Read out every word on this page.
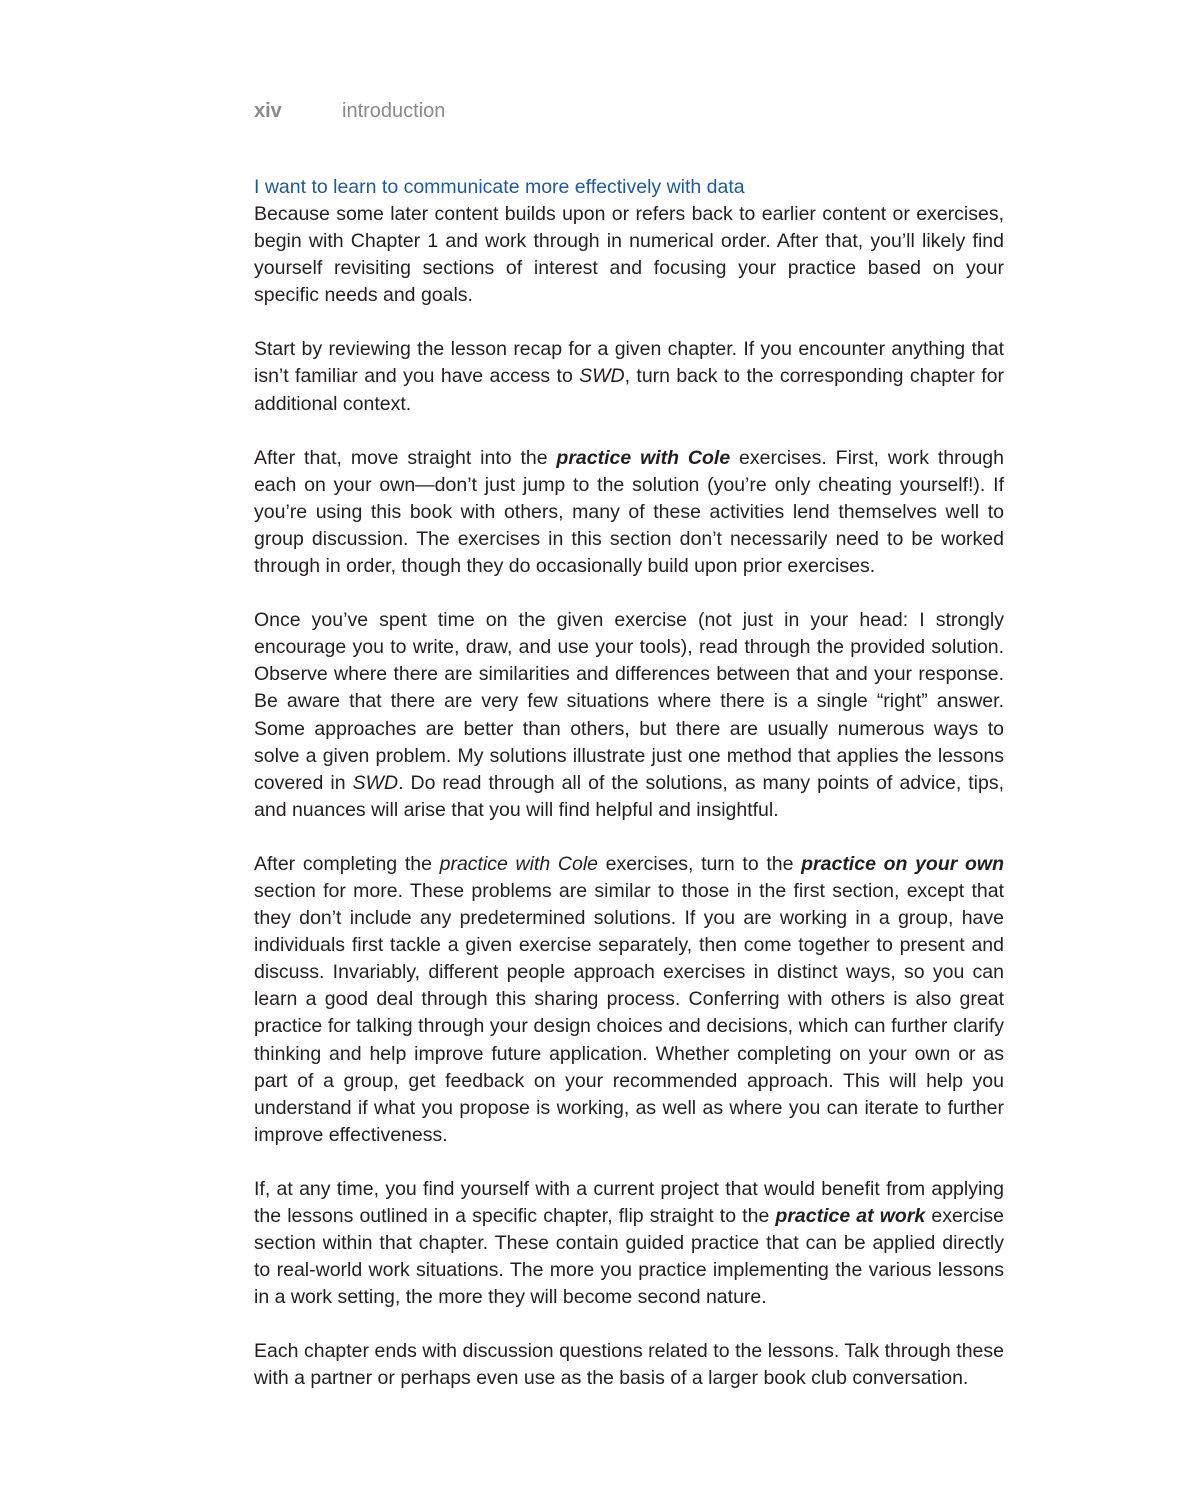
xiv	introduction
I want to learn to communicate more effectively with data

Because some later content builds upon or refers back to earlier content or exercises, begin with Chapter 1 and work through in numerical order. After that, you’ll likely find yourself revisiting sections of interest and focusing your practice based on your specific needs and goals.

Start by reviewing the lesson recap for a given chapter. If you encounter anything that isn’t familiar and you have access to SWD, turn back to the corresponding chapter for additional context.

After that, move straight into the practice with Cole exercises. First, work through each on your own—don’t just jump to the solution (you’re only cheating yourself!). If you’re using this book with others, many of these activities lend themselves well to group discussion. The exercises in this section don’t necessarily need to be worked through in order, though they do occasionally build upon prior exercises.

Once you’ve spent time on the given exercise (not just in your head: I strongly encourage you to write, draw, and use your tools), read through the provided solution. Observe where there are similarities and differences between that and your response. Be aware that there are very few situations where there is a single “right” answer. Some approaches are better than others, but there are usually numerous ways to solve a given problem. My solutions illustrate just one method that applies the lessons covered in SWD. Do read through all of the solutions, as many points of advice, tips, and nuances will arise that you will find helpful and insightful.

After completing the practice with Cole exercises, turn to the practice on your own section for more. These problems are similar to those in the first section, except that they don’t include any predetermined solutions. If you are working in a group, have individuals first tackle a given exercise separately, then come together to present and discuss. Invariably, different people approach exercises in distinct ways, so you can learn a good deal through this sharing process. Conferring with others is also great practice for talking through your design choices and decisions, which can further clarify thinking and help improve future application. Whether completing on your own or as part of a group, get feedback on your recommended approach. This will help you understand if what you propose is working, as well as where you can iterate to further improve effectiveness.

If, at any time, you find yourself with a current project that would benefit from applying the lessons outlined in a specific chapter, flip straight to the practice at work exercise section within that chapter. These contain guided practice that can be applied directly to real-world work situations. The more you practice implementing the various lessons in a work setting, the more they will become second nature.

Each chapter ends with discussion questions related to the lessons. Talk through these with a partner or perhaps even use as the basis of a larger book club conversation.
